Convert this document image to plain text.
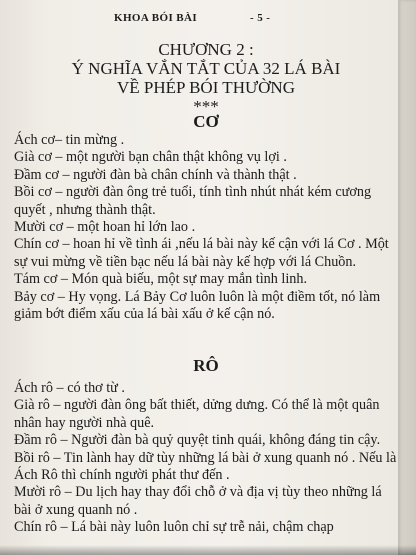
KHOA BÓI BÀI	- 5 -
CHƯƠNG 2 :
Ý NGHĨA VẮN TẮT CỦA 32 LÁ BÀI
VỀ PHÉP BÓI THƯỜNG
***
CƠ

Ách cơ– tin mừng .

Già cơ – một người bạn chân thật không vụ lợi .

Đầm cơ – người đàn bà chân chính và thành thật .

Bồi cơ – người đàn ông trẻ tuổi, tính tình nhút nhát kém cương quyết , nhưng thành thật.

Mười cơ – một hoan hỉ lớn lao .

Chín cơ – hoan hỉ về tình ái ,nếu lá bài này kế cận với lá Cơ . Một sự vui mừng về tiền bạc nếu lá bài này kế hợp với lá Chuồn.

Tám cơ – Món quà biếu, một sự may mắn tình linh.

Bảy cơ – Hy vọng. Lá Bảy Cơ luôn luôn là một điềm tốt, nó làm giảm bớt điểm xấu của lá bài xấu ở kế cận nó.

RÔ

Ách rô – có thơ từ .

Già rô – người đàn ông bất thiết, dửng dưng. Có thể là một quân nhân hay người nhà quê.

Đầm rô – Người đàn bà quỷ quyệt tinh quái, không đáng tin cậy.

Bồi rô – Tin lành hay dữ tùy những lá bài ở xung quanh nó . Nếu là Ách Rô thì chính người phát thư đến .

Mười rô – Du lịch hay thay đổi chỗ ở và địa vị tùy theo những lá bài ở xung quanh nó .

Chín rô – Lá bài này luôn luôn chỉ sự trễ nải, chậm chạp
